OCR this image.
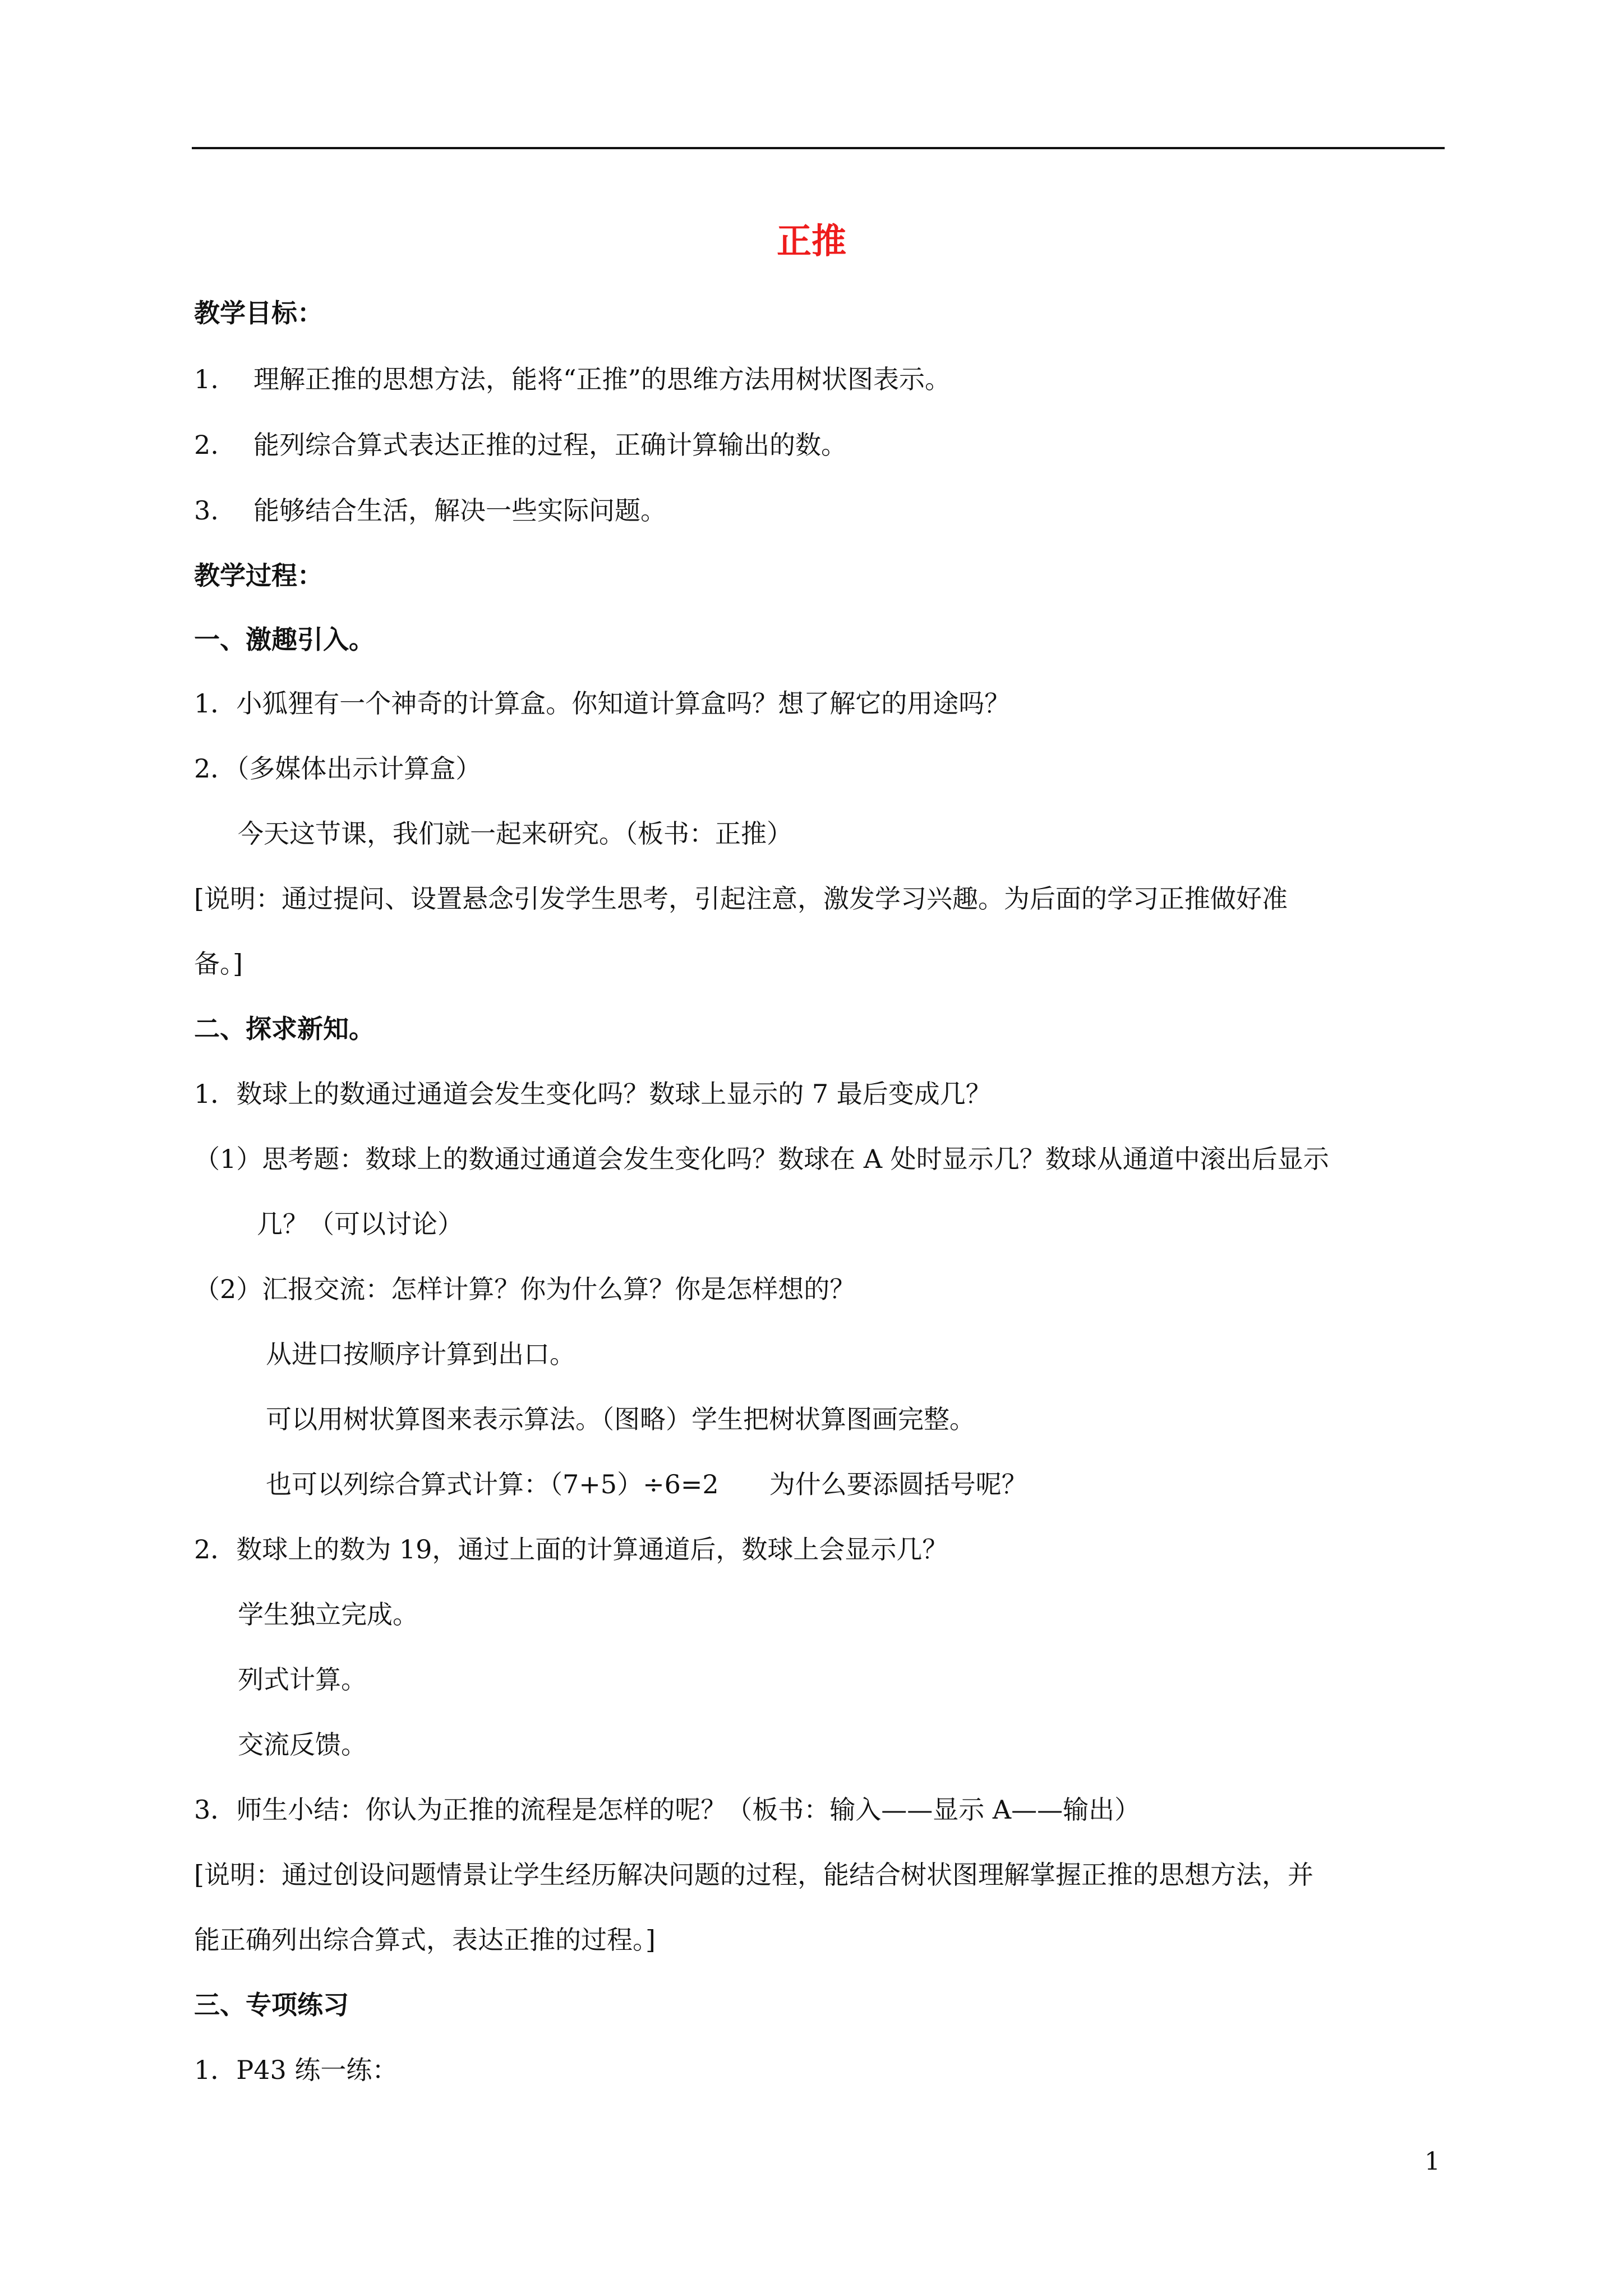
正推
教学目标：
1. 理解正推的思想方法，能将“正推”的思维方法用树状图表示。
2. 能列综合算式表达正推的过程，正确计算输出的数。
3. 能够结合生活，解决一些实际问题。
教学过程：
一、激趣引入。
1．小狐狸有一个神奇的计算盒。你知道计算盒吗？想了解它的用途吗？
2．（多媒体出示计算盒）
今天这节课，我们就一起来研究。（板书：正推）
[说明：通过提问、设置悬念引发学生思考，引起注意，激发学习兴趣。为后面的学习正推做好准
备。]
二、探求新知。
1．数球上的数通过通道会发生变化吗？数球上显示的 7 最后变成几？
（1）思考题：数球上的数通过通道会发生变化吗？数球在 A 处时显示几？数球从通道中滚出后显示
几？（可以讨论）
（2）汇报交流：怎样计算？你为什么算？你是怎样想的？
从进口按顺序计算到出口。
可以用树状算图来表示算法。（图略）学生把树状算图画完整。
也可以列综合算式计算：（7+5）÷6=2 为什么要添圆括号呢？
2．数球上的数为 19，通过上面的计算通道后，数球上会显示几？
学生独立完成。
列式计算。
交流反馈。
3．师生小结：你认为正推的流程是怎样的呢？（板书：输入——显示 A——输出）
[说明：通过创设问题情景让学生经历解决问题的过程，能结合树状图理解掌握正推的思想方法，并
能正确列出综合算式，表达正推的过程。]
三、专项练习
1．P43 练一练：
1
